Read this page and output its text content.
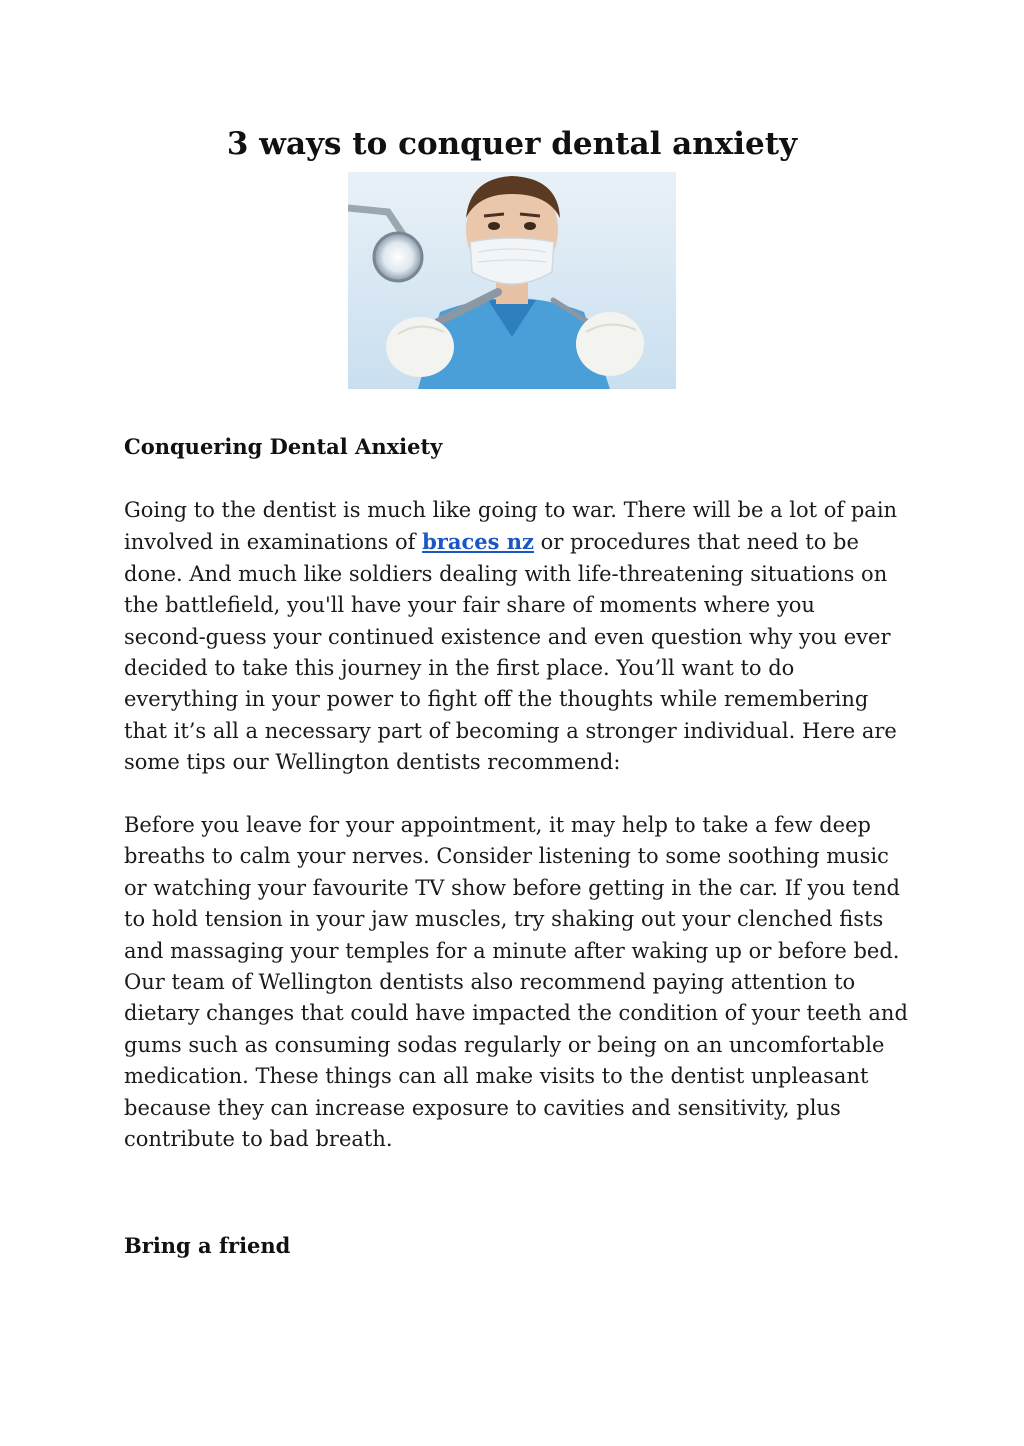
3 ways to conquer dental anxiety
Conquering Dental Anxiety

Going to the dentist is much like going to war. There will be a lot of pain
involved in examinations of braces nz or procedures that need to be
done. And much like soldiers dealing with life-threatening situations on
the battlefield, you'll have your fair share of moments where you
second-guess your continued existence and even question why you ever
decided to take this journey in the first place. You’ll want to do
everything in your power to fight off the thoughts while remembering
that it’s all a necessary part of becoming a stronger individual. Here are
some tips our Wellington dentists recommend:

Before you leave for your appointment, it may help to take a few deep
breaths to calm your nerves. Consider listening to some soothing music
or watching your favourite TV show before getting in the car. If you tend
to hold tension in your jaw muscles, try shaking out your clenched fists
and massaging your temples for a minute after waking up or before bed.
Our team of Wellington dentists also recommend paying attention to
dietary changes that could have impacted the condition of your teeth and
gums such as consuming sodas regularly or being on an uncomfortable
medication. These things can all make visits to the dentist unpleasant
because they can increase exposure to cavities and sensitivity, plus
contribute to bad breath.

Bring a friend
